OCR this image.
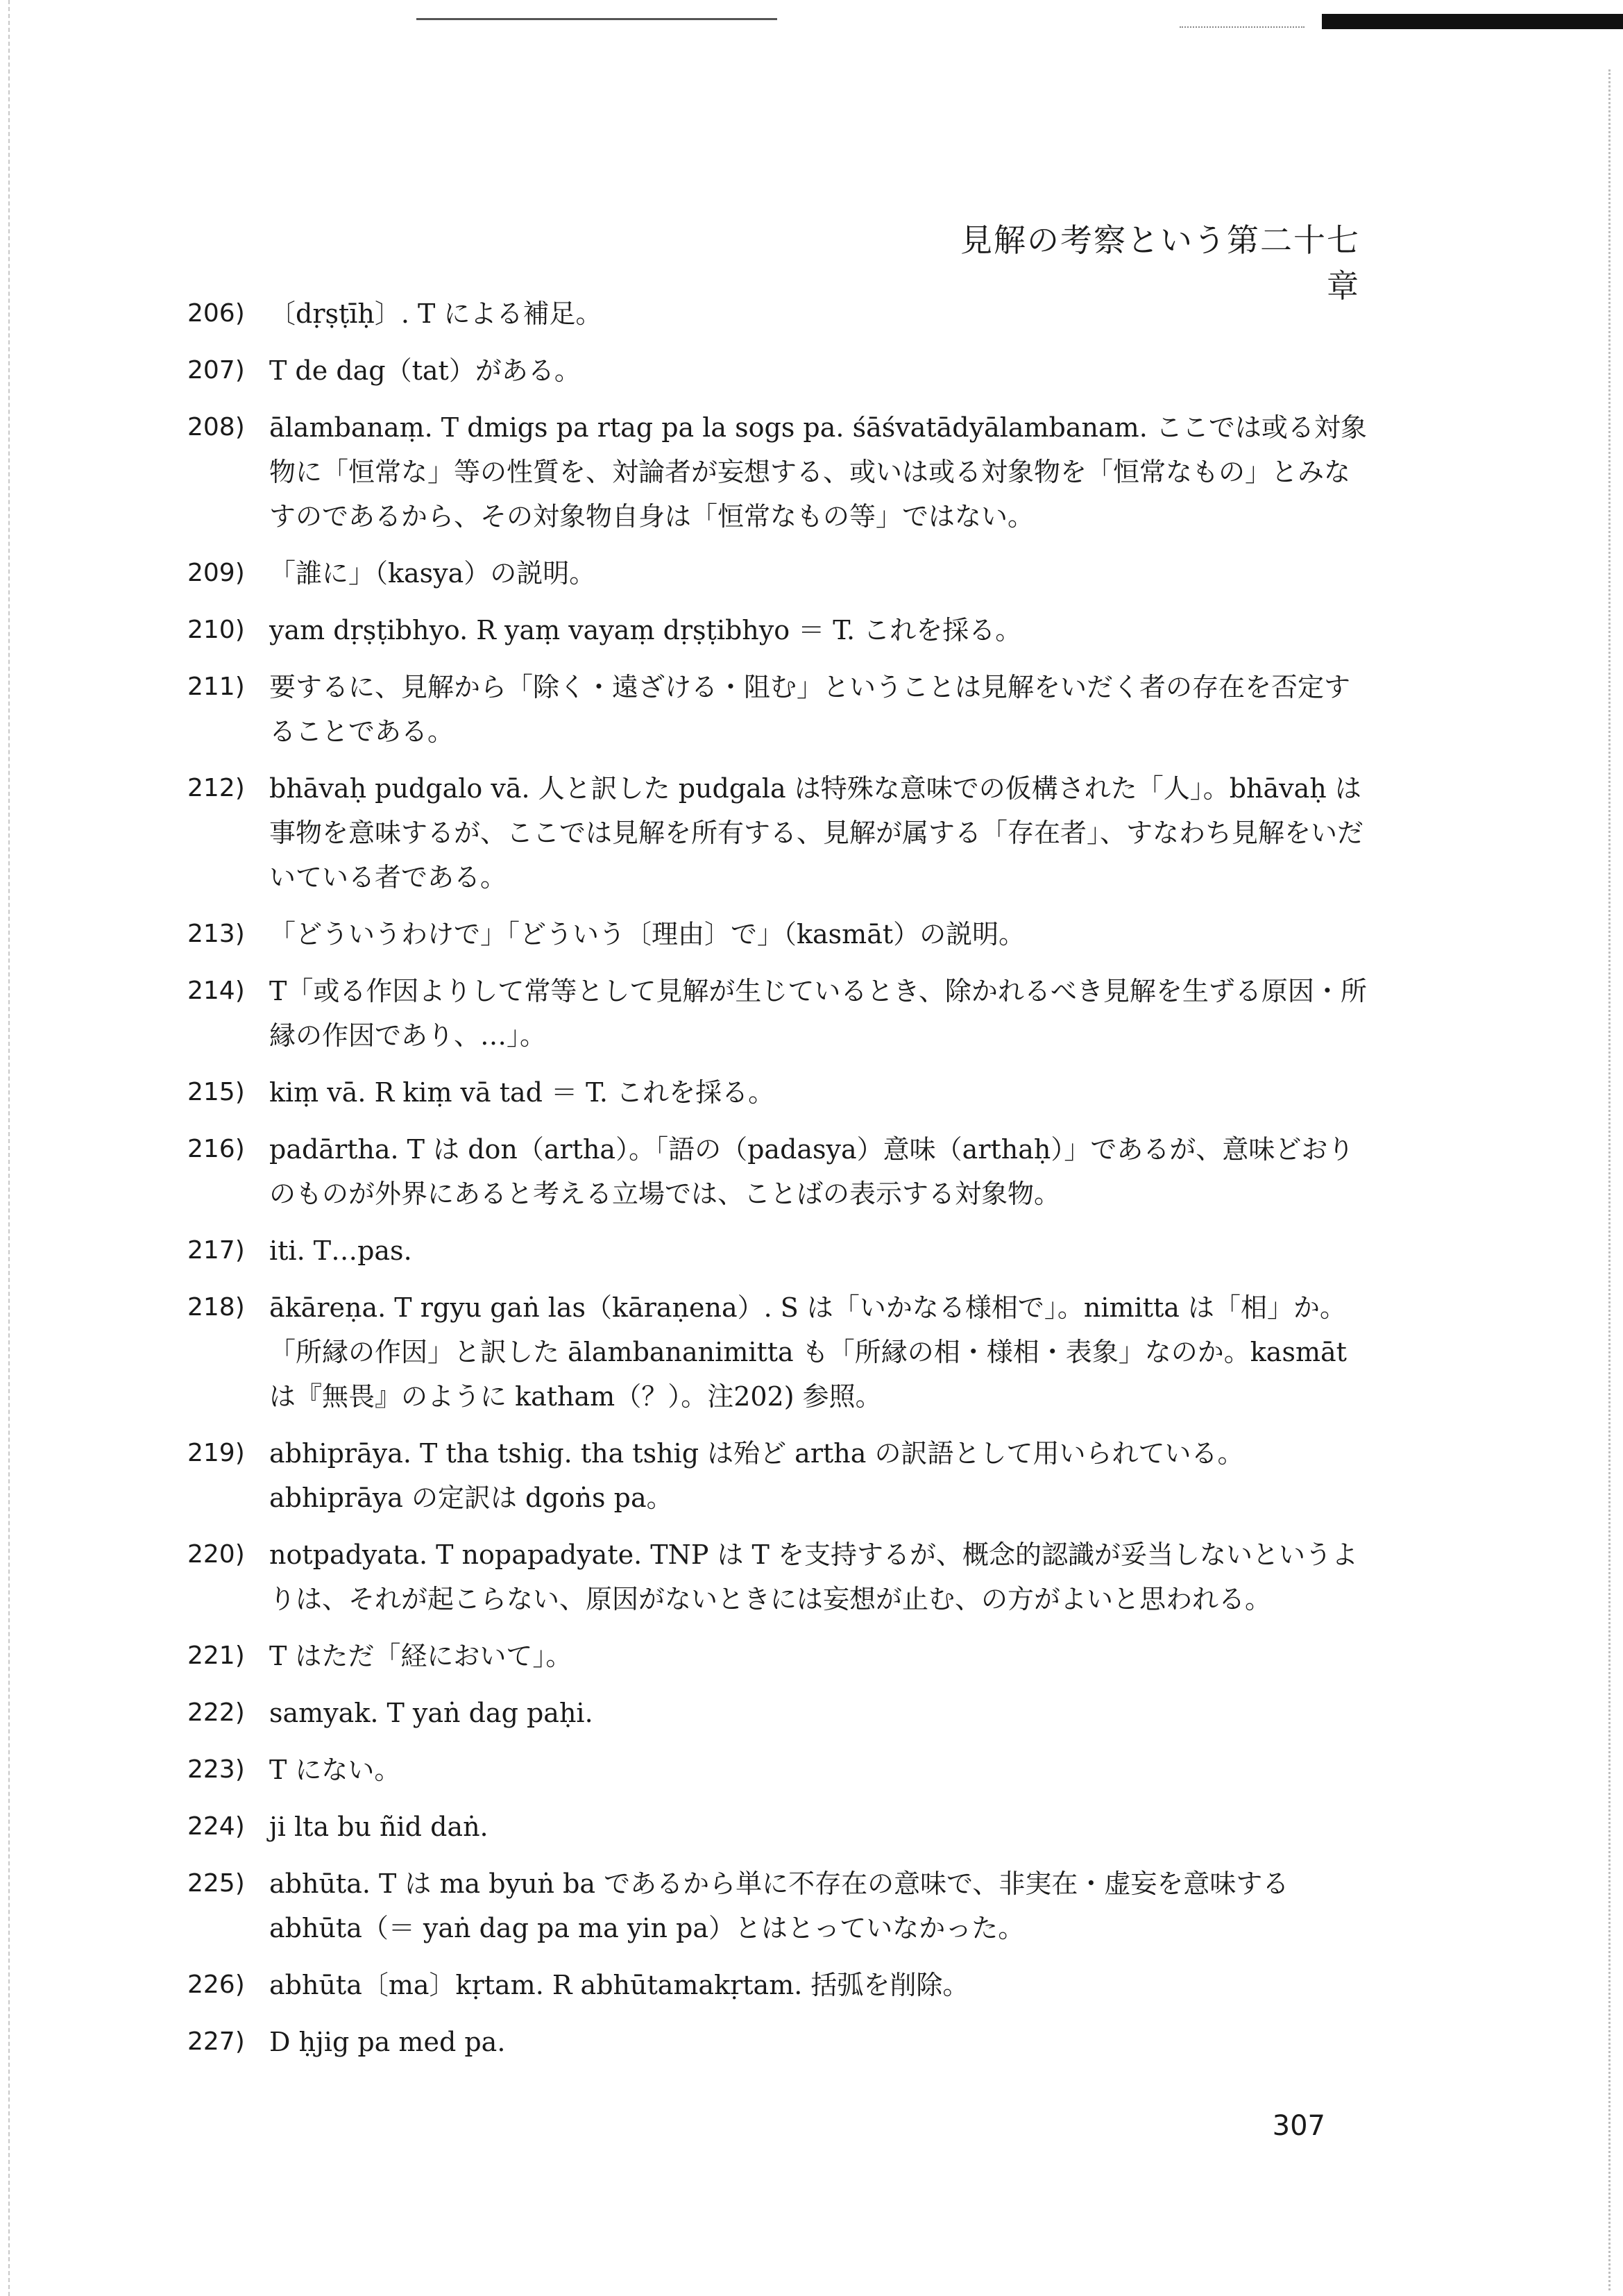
見解の考察という第二十七章
206) 〔dṛṣṭīḥ〕. T による補足。
207) T de dag（tat）がある。
208) ālambanaṃ. T dmigs pa rtag pa la sogs pa. śāśvatādyālambanam. ここでは或る対象物に「恒常な」等の性質を、対論者が妄想する、或いは或る対象物を「恒常なもの」とみなすのであるから、その対象物自身は「恒常なもの等」ではない。
209) 「誰に」（kasya）の説明。
210) yam dṛṣṭibhyo. R yaṃ vayaṃ dṛṣṭibhyo ＝ T. これを採る。
211) 要するに、見解から「除く・遠ざける・阻む」ということは見解をいだく者の存在を否定することである。
212) bhāvaḥ pudgalo vā. 人と訳した pudgala は特殊な意味での仮構された「人」。bhāvaḥ は事物を意味するが、ここでは見解を所有する、見解が属する「存在者」、すなわち見解をいだいている者である。
213) 「どういうわけで」「どういう〔理由〕で」（kasmāt）の説明。
214) T「或る作因よりして常等として見解が生じているとき、除かれるべき見解を生ずる原因・所縁の作因であり、…」。
215) kiṃ vā. R kiṃ vā tad ＝ T. これを採る。
216) padārtha. T は don（artha）。「語の（padasya）意味（arthaḥ）」であるが、意味どおりのものが外界にあると考える立場では、ことばの表示する対象物。
217) iti. T…pas.
218) ākāreṇa. T rgyu gaṅ las（kāraṇena）. S は「いかなる様相で」。nimitta は「相」か。「所縁の作因」と訳した ālambananimitta も「所縁の相・様相・表象」なのか。kasmāt は『無畏』のように katham（？）。注202) 参照。
219) abhiprāya. T tha tshig. tha tshig は殆ど artha の訳語として用いられている。abhiprāya の定訳は dgoṅs pa。
220) notpadyata. T nopapadyate. TNP は T を支持するが、概念的認識が妥当しないというよりは、それが起こらない、原因がないときには妄想が止む、の方がよいと思われる。
221) T はただ「経において」。
222) samyak. T yaṅ dag paḥi.
223) T にない。
224) ji lta bu ñid daṅ.
225) abhūta. T は ma byuṅ ba であるから単に不存在の意味で、非実在・虚妄を意味する abhūta（＝ yaṅ dag pa ma yin pa）とはとっていなかった。
226) abhūta〔ma〕kṛtam. R abhūtamakṛtam. 括弧を削除。
227) D ḥjig pa med pa.
307
